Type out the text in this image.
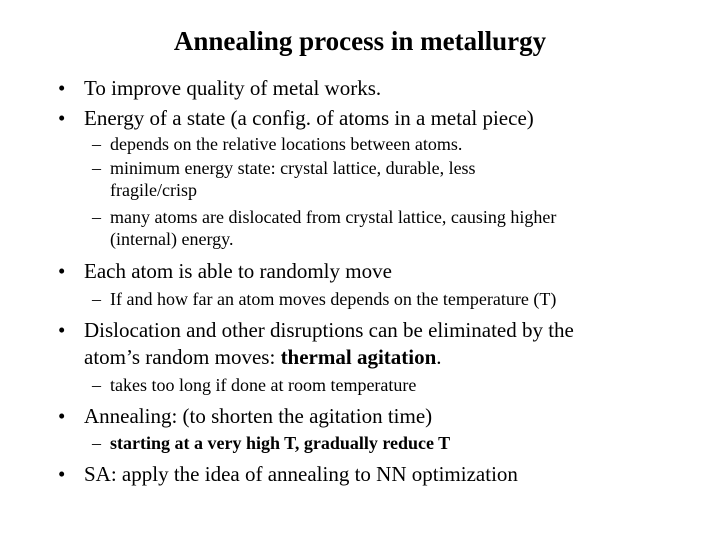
Annealing process in metallurgy
• To improve quality of metal works.
• Energy of a state (a config. of atoms in a metal piece)
– depends on the relative locations between atoms.
– minimum energy state: crystal lattice, durable, less
fragile/crisp
– many atoms are dislocated from crystal lattice, causing higher
(internal) energy.
• Each atom is able to randomly move
– If and how far an atom moves depends on the temperature (T)
• Dislocation and other disruptions can be eliminated by the
atom’s random moves: thermal agitation.
– takes too long if done at room temperature
• Annealing: (to shorten the agitation time)
– starting at a very high T, gradually reduce T
• SA: apply the idea of annealing to NN optimization
